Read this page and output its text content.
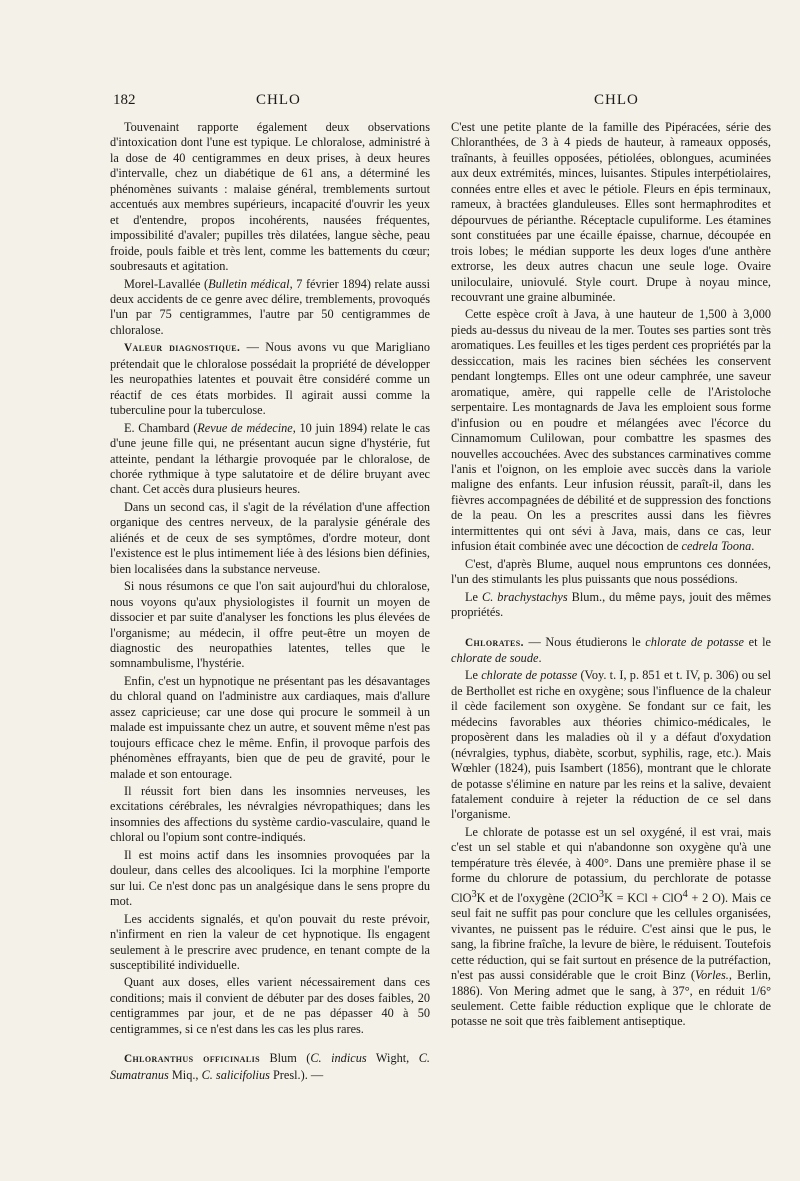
182	CHLO	CHLO

Touvenaint rapporte également deux observations d'intoxication dont l'une est typique. Le chloralose, administré à la dose de 40 centigrammes en deux prises, à deux heures d'intervalle, chez un diabétique de 61 ans, a déterminé les phénomènes suivants : malaise général, tremblements surtout accentués aux membres supérieurs, incapacité d'ouvrir les yeux et d'entendre, propos incohérents, nausées fréquentes, impossibilité d'avaler; pupilles très dilatées, langue sèche, peau froide, pouls faible et très lent, comme les battements du cœur; soubresauts et agitation.

Morel-Lavallée (Bulletin médical, 7 février 1894) relate aussi deux accidents de ce genre avec délire, tremblements, provoqués l'un par 75 centigrammes, l'autre par 50 centigrammes de chloralose.

Valeur diagnostique. — Nous avons vu que Marigliano prétendait que le chloralose possédait la propriété de développer les neuropathies latentes et pouvait être considéré comme un réactif de ces états morbides. Il agirait aussi comme la tuberculine pour la tuberculose.

E. Chambard (Revue de médecine, 10 juin 1894) relate le cas d'une jeune fille qui, ne présentant aucun signe d'hystérie, fut atteinte, pendant la léthargie provoquée par le chloralose, de chorée rythmique à type salutatoire et de délire bruyant avec chant. Cet accès dura plusieurs heures.

Dans un second cas, il s'agit de la révélation d'une affection organique des centres nerveux, de la paralysie générale des aliénés et de ceux de ses symptômes, d'ordre moteur, dont l'existence est le plus intimement liée à des lésions bien définies, bien localisées dans la substance nerveuse.

Si nous résumons ce que l'on sait aujourd'hui du chloralose, nous voyons qu'aux physiologistes il fournit un moyen de dissocier et par suite d'analyser les fonctions les plus élevées de l'organisme; au médecin, il offre peut-être un moyen de diagnostic des neuropathies latentes, telles que le somnambulisme, l'hystérie.

Enfin, c'est un hypnotique ne présentant pas les désavantages du chloral quand on l'administre aux cardiaques, mais d'allure assez capricieuse; car une dose qui procure le sommeil à un malade est impuissante chez un autre, et souvent même n'est pas toujours efficace chez le même. Enfin, il provoque parfois des phénomènes effrayants, bien que de peu de gravité, pour le malade et son entourage.

Il réussit fort bien dans les insomnies nerveuses, les excitations cérébrales, les névralgies névropathiques; dans les insomnies des affections du système cardio-vasculaire, quand le chloral ou l'opium sont contre-indiqués.

Il est moins actif dans les insomnies provoquées par la douleur, dans celles des alcooliques. Ici la morphine l'emporte sur lui. Ce n'est donc pas un analgésique dans le sens propre du mot.

Les accidents signalés, et qu'on pouvait du reste prévoir, n'infirment en rien la valeur de cet hypnotique. Ils engagent seulement à le prescrire avec prudence, en tenant compte de la susceptibilité individuelle.

Quant aux doses, elles varient nécessairement dans ces conditions; mais il convient de débuter par des doses faibles, 20 centigrammes par jour, et de ne pas dépasser 40 à 50 centigrammes, si ce n'est dans les cas les plus rares.

Chloranthus officinalis Blum (C. indicus Wight, C. Sumatranus Miq., C. salicifolius Presl.). —

C'est une petite plante de la famille des Pipéracées, série des Chloranthées, de 3 à 4 pieds de hauteur, à rameaux opposés, traînants, à feuilles opposées, pétiolées, oblongues, acuminées aux deux extrémités, minces, luisantes. Stipules interpétiolaires, connées entre elles et avec le pétiole. Fleurs en épis terminaux, rameux, à bractées glanduleuses. Elles sont hermaphrodites et dépourvues de périanthe. Réceptacle cupuliforme. Les étamines sont constituées par une écaille épaisse, charnue, découpée en trois lobes; le médian supporte les deux loges d'une anthère extrorse, les deux autres chacun une seule loge. Ovaire uniloculaire, uniovulé. Style court. Drupe à noyau mince, recouvrant une graine albuminée.

Cette espèce croît à Java, à une hauteur de 1,500 à 3,000 pieds au-dessus du niveau de la mer. Toutes ses parties sont très aromatiques. Les feuilles et les tiges perdent ces propriétés par la dessiccation, mais les racines bien séchées les conservent pendant longtemps. Elles ont une odeur camphrée, une saveur aromatique, amère, qui rappelle celle de l'Aristoloche serpentaire. Les montagnards de Java les emploient sous forme d'infusion ou en poudre et mélangées avec l'écorce du Cinnamomum Culilowan, pour combattre les spasmes des nouvelles accouchées. Avec des substances carminatives comme l'anis et l'oignon, on les emploie avec succès dans la variole maligne des enfants. Leur infusion réussit, paraît-il, dans les fièvres accompagnées de débilité et de suppression des fonctions de la peau. On les a prescrites aussi dans les fièvres intermittentes qui ont sévi à Java, mais, dans ce cas, leur infusion était combinée avec une décoction de cedrela Toona.

C'est, d'après Blume, auquel nous empruntons ces données, l'un des stimulants les plus puissants que nous possédions.

Le C. brachystachys Blum., du même pays, jouit des mêmes propriétés.

Chlorates. — Nous étudierons le chlorate de potasse et le chlorate de soude.

Le chlorate de potasse (Voy. t. I, p. 851 et t. IV, p. 306) ou sel de Berthollet est riche en oxygène; sous l'influence de la chaleur il cède facilement son oxygène. Se fondant sur ce fait, les médecins favorables aux théories chimico-médicales, le proposèrent dans les maladies où il y a défaut d'oxydation (névralgies, typhus, diabète, scorbut, syphilis, rage, etc.). Mais Wœhler (1824), puis Isambert (1856), montrant que le chlorate de potasse s'élimine en nature par les reins et la salive, devaient fatalement conduire à rejeter la réduction de ce sel dans l'organisme.

Le chlorate de potasse est un sel oxygéné, il est vrai, mais c'est un sel stable et qui n'abandonne son oxygène qu'à une température très élevée, à 400°. Dans une première phase il se forme du chlorure de potassium, du perchlorate de potasse ClO$^3$K et de l'oxygène (2ClO$^3$K = KCl + ClO$^4$ + 2 O). Mais ce seul fait ne suffit pas pour conclure que les cellules organisées, vivantes, ne puissent pas le réduire. C'est ainsi que le pus, le sang, la fibrine fraîche, la levure de bière, le réduisent. Toutefois cette réduction, qui se fait surtout en présence de la putréfaction, n'est pas aussi considérable que le croit Binz (Vorles., Berlin, 1886). Von Mering admet que le sang, à 37°, en réduit 1/6° seulement. Cette faible réduction explique que le chlorate de potasse ne soit que très faiblement antiseptique.
